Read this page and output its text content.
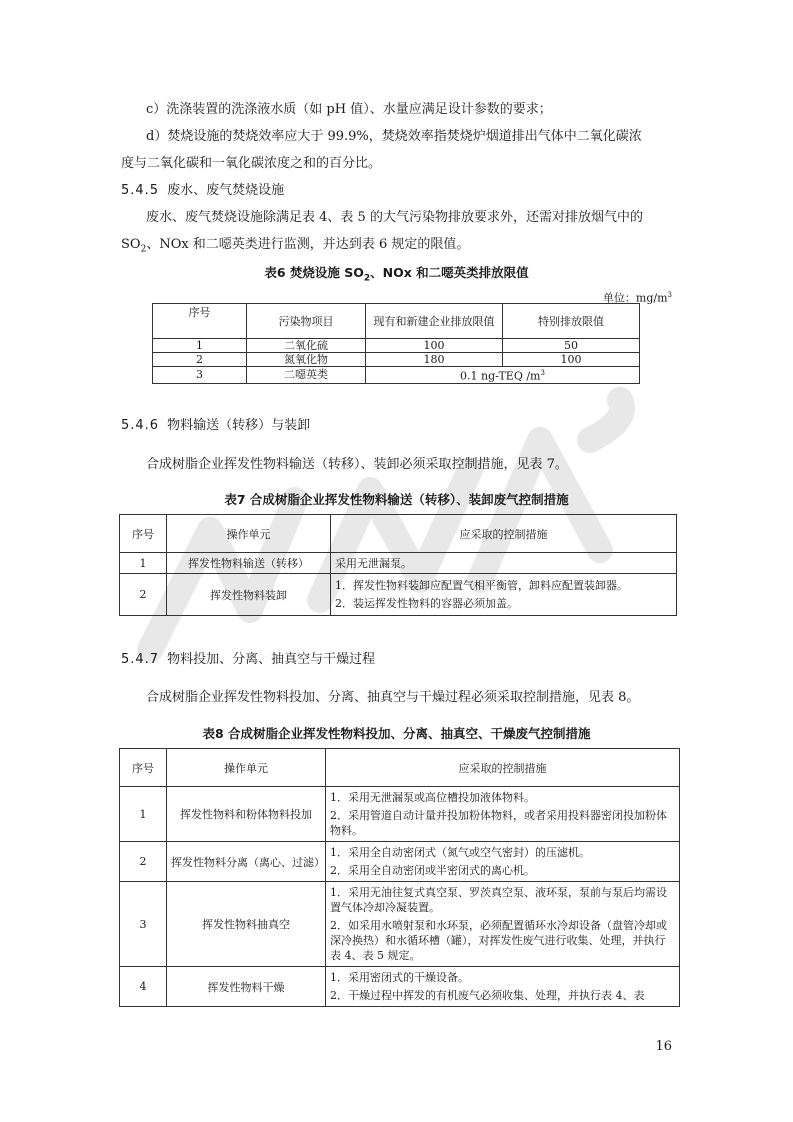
c）洗涤装置的洗涤液水质（如 pH 值）、水量应满足设计参数的要求；
d）焚烧设施的焚烧效率应大于 99.9%，焚烧效率指焚烧炉烟道排出气体中二氧化碳浓
度与二氧化碳和一氧化碳浓度之和的百分比。
5.4.5 废水、废气焚烧设施
废水、废气焚烧设施除满足表 4、表 5 的大气污染物排放要求外，还需对排放烟气中的
$SO_2$、NOx 和二噁英类进行监测，并达到表 6 规定的限值。
表6 焚烧设施 $SO_2$、NOx 和二噁英类排放限值
单位：$mg/m^3$
序号	污染物项目	现有和新建企业排放限值	特别排放限值
1	二氧化硫	100	50
2	氮氧化物	180	100
3	二噁英类	0.1 ng-TEQ $/m^3$
5.4.6 物料输送（转移）与装卸
合成树脂企业挥发性物料输送（转移）、装卸必须采取控制措施，见表 7。
表7 合成树脂企业挥发性物料输送（转移）、装卸废气控制措施
序号	操作单元	应采取的控制措施
1	挥发性物料输送（转移）	采用无泄漏泵。
2	挥发性物料装卸	1．挥发性物料装卸应配置气相平衡管，卸料应配置装卸器。
2．装运挥发性物料的容器必须加盖。
5.4.7 物料投加、分离、抽真空与干燥过程
合成树脂企业挥发性物料投加、分离、抽真空与干燥过程必须采取控制措施，见表 8。
表8 合成树脂企业挥发性物料投加、分离、抽真空、干燥废气控制措施
序号	操作单元	应采取的控制措施
1	挥发性物料和粉体物料投加	1．采用无泄漏泵或高位槽投加液体物料。
2．采用管道自动计量并投加粉体物料，或者采用投料器密闭投加粉体物料。

2	挥发性物料分离（离心、过滤）	1．采用全自动密闭式（氮气或空气密封）的压滤机。
2．采用全自动密闭或半密闭式的离心机。

3	挥发性物料抽真空	1．采用无油往复式真空泵、罗茨真空泵、液环泵，泵前与泵后均需设置气体冷却冷凝装置。
2．如采用水喷射泵和水环泵，必须配置循环水冷却设备（盘管冷却或深冷换热）和水循环槽（罐），对挥发性废气进行收集、处理，并执行表 4、表 5 规定。

4	挥发性物料干燥	1．采用密闭式的干燥设备。
2．干燥过程中挥发的有机废气必须收集、处理，并执行表 4、表
16
